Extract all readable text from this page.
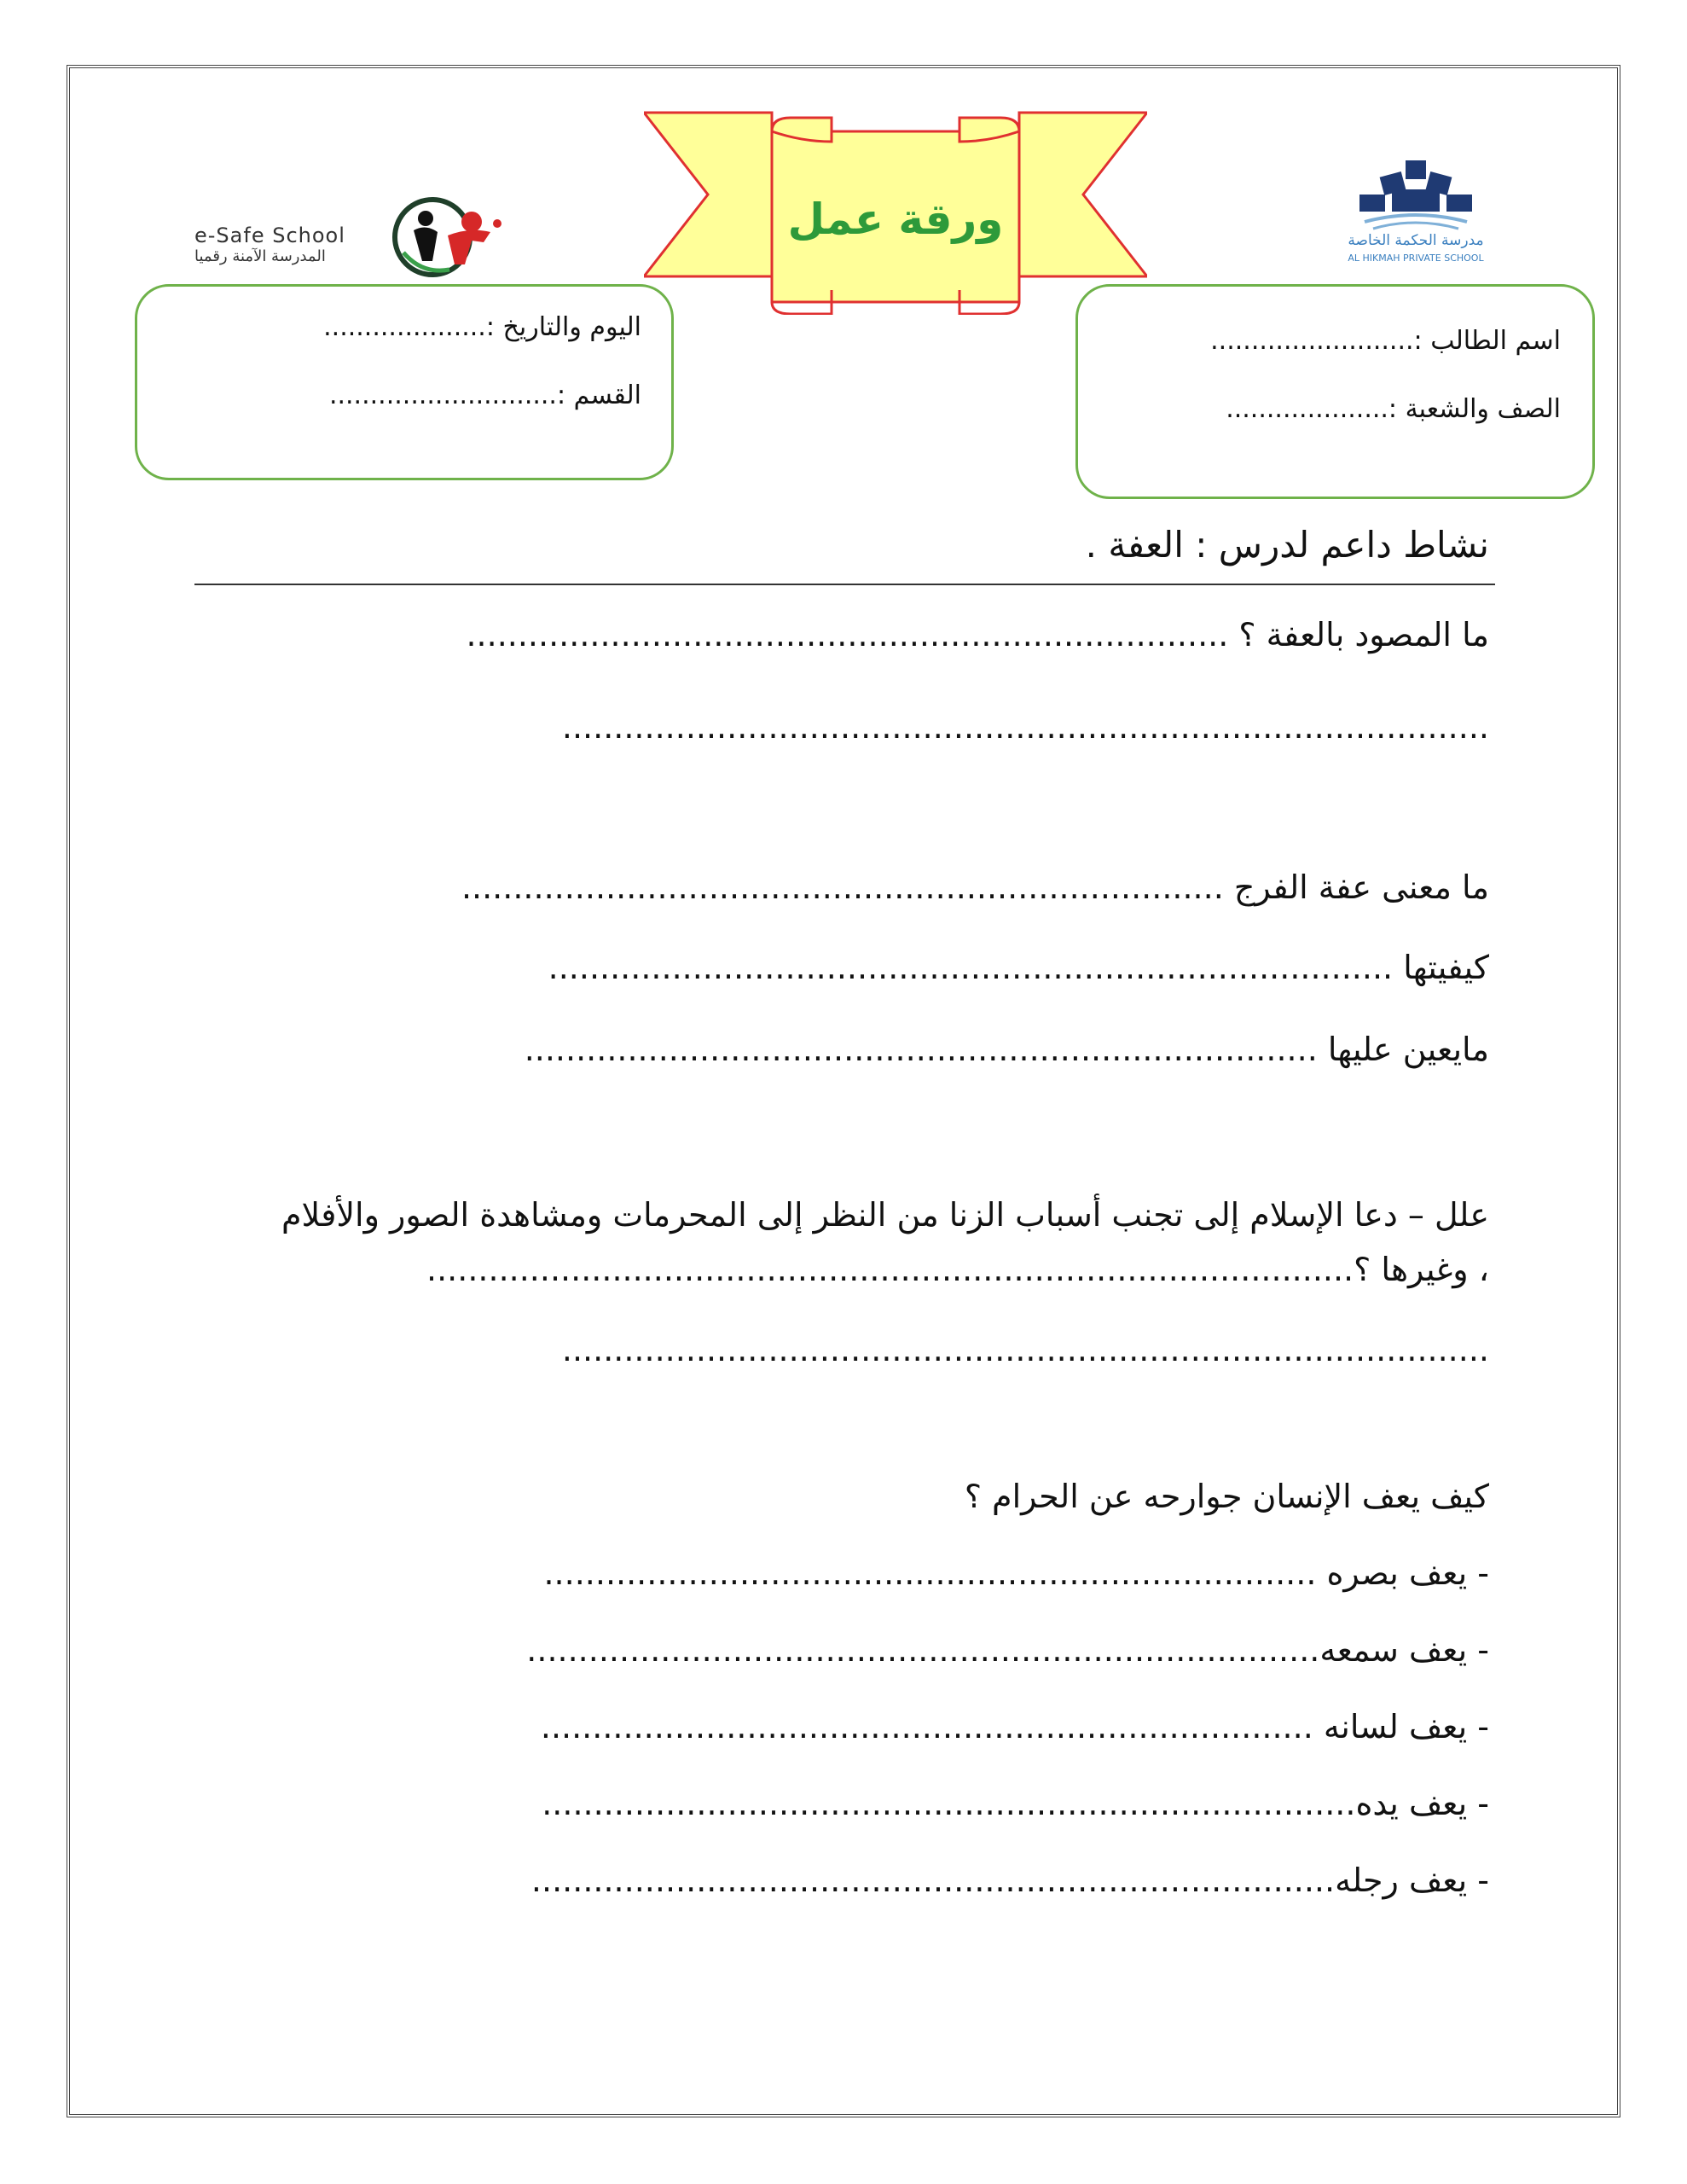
ورقة عمل	مدرسة الحكمة الخاصة
AL HIKMAH PRIVATE SCHOOL
e-Safe School
المدرسة الآمنة رقميا
اسم الطالب :.........................
الصف والشعبة :....................
اليوم والتاريخ :....................
القسم :............................
نشاط داعم لدرس : العفة .
ما المصود بالعفة ؟ ..........................................................................
..........................................................................................
ما معنى عفة الفرج ..........................................................................
كيفيتها ..................................................................................
مايعين عليها .............................................................................
علل – دعا الإسلام إلى تجنب أسباب الزنا من النظر إلى المحرمات ومشاهدة الصور والأفلام
، وغيرها ؟..........................................................................................
..........................................................................................
كيف يعف الإنسان جوارحه عن الحرام ؟
- يعف بصره ...........................................................................
- يعف سمعه.............................................................................
- يعف لسانه ...........................................................................
- يعف يده...............................................................................
- يعف رجله..............................................................................
